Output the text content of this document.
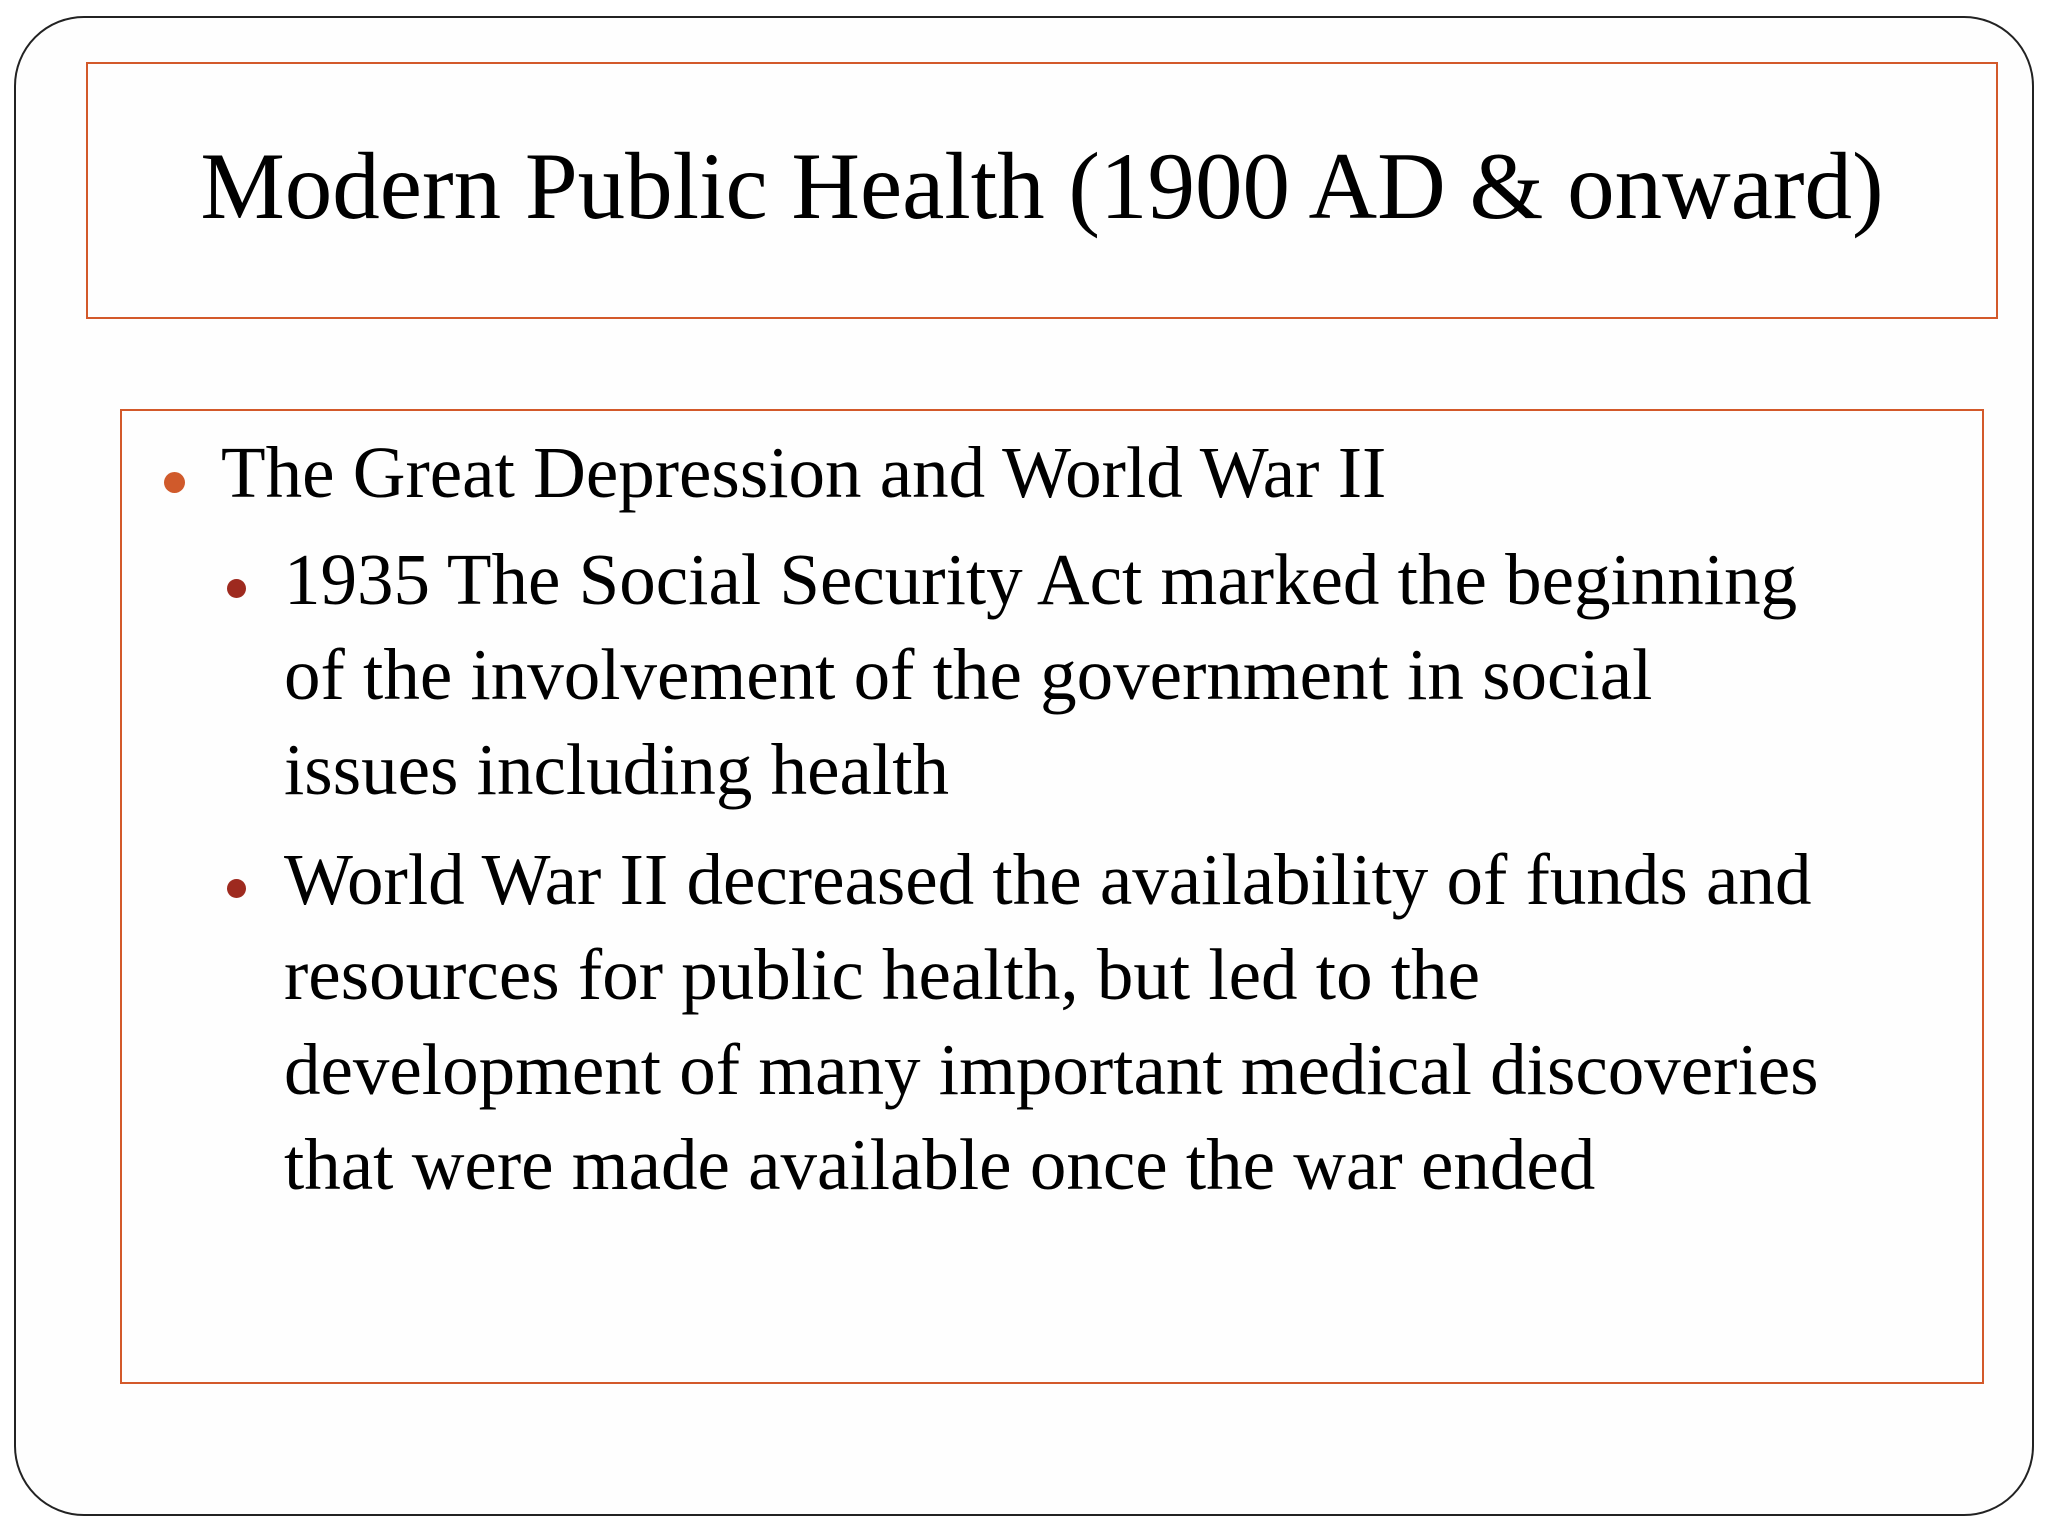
Modern Public Health (1900 AD & onward)
The Great Depression and World War II
1935 The Social Security Act marked the beginning
of the involvement of the government in social
issues including health
World War II decreased the availability of funds and
resources for public health, but led to the
development of many important medical discoveries
that were made available once the war ended
